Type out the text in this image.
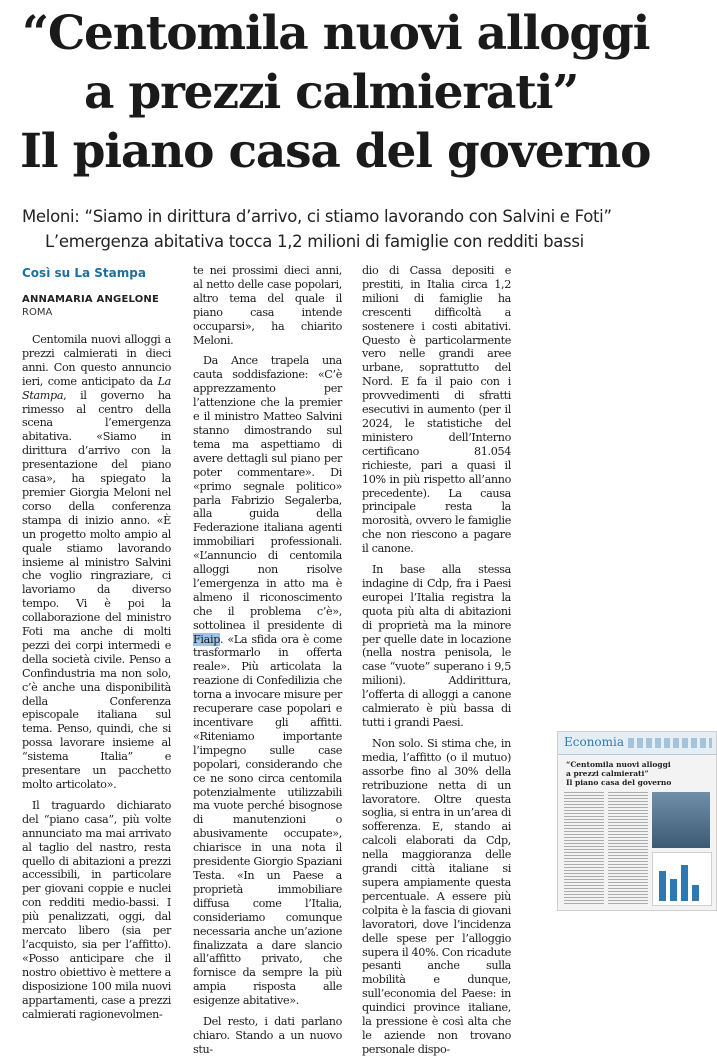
“Centomila nuovi alloggi
a prezzi calmierati”
Il piano casa del governo
Meloni: “Siamo in dirittura d’arrivo, ci stiamo lavorando con Salvini e Foti”
L’emergenza abitativa tocca 1,2 milioni di famiglie con redditi bassi
Così su La Stampa
ANNAMARIA ANGELONE
ROMA

Centomila nuovi alloggi a prezzi calmierati in dieci anni. Con questo annuncio ieri, come anticipato da La Stampa, il governo ha rimesso al centro della scena l’emergenza abitativa. «Siamo in dirittura d’arrivo con la presentazione del piano casa», ha spiegato la premier Giorgia Meloni nel corso della conferenza stampa di inizio anno. «È un progetto molto ampio al quale stiamo lavorando insieme al ministro Salvini che voglio ringraziare, ci lavoriamo da diverso tempo. Vi è poi la collaborazione del ministro Foti ma anche di molti pezzi dei corpi intermedi e della società civile. Penso a Confindustria ma non solo, c’è anche una disponibilità della Conferenza episcopale italiana sul tema. Penso, quindi, che si possa lavorare insieme al “sistema Italia” e presentare un pacchetto molto articolato».

Il traguardo dichiarato del “piano casa”, più volte annunciato ma mai arrivato al taglio del nastro, resta quello di abitazioni a prezzi accessibili, in particolare per giovani coppie e nuclei con redditi medio-bassi. I più penalizzati, oggi, dal mercato libero (sia per l’acquisto, sia per l’affitto). «Posso anticipare che il nostro obiettivo è mettere a disposizione 100 mila nuovi appartamenti, case a prezzi calmierati ragionevolmen-

te nei prossimi dieci anni, al netto delle case popolari, altro tema del quale il piano casa intende occuparsi», ha chiarito Meloni.

Da Ance trapela una cauta soddisfazione: «C’è apprezzamento per l’attenzione che la premier e il ministro Matteo Salvini stanno dimostrando sul tema ma aspettiamo di avere dettagli sul piano per poter commentare». Di «primo segnale politico» parla Fabrizio Segalerba, alla guida della Federazione italiana agenti immobiliari professionali. «L’annuncio di centomila alloggi non risolve l’emergenza in atto ma è almeno il riconoscimento che il problema c’è», sottolinea il presidente di Fiaip. «La sfida ora è come trasformarlo in offerta reale». Più articolata la reazione di Confedilizia che torna a invocare misure per recuperare case popolari e incentivare gli affitti. «Riteniamo importante l’impegno sulle case popolari, considerando che ce ne sono circa centomila potenzialmente utilizzabili ma vuote perché bisognose di manutenzioni o abusivamente occupate», chiarisce in una nota il presidente Giorgio Spaziani Testa. «In un Paese a proprietà immobiliare diffusa come l’Italia, consideriamo comunque necessaria anche un’azione finalizzata a dare slancio all’affitto privato, che fornisce da sempre la più ampia risposta alle esigenze abitative».

Del resto, i dati parlano chiaro. Stando a un nuovo stu-

dio di Cassa depositi e prestiti, in Italia circa 1,2 milioni di famiglie ha crescenti difficoltà a sostenere i costi abitativi. Questo è particolarmente vero nelle grandi aree urbane, soprattutto del Nord. E fa il paio con i provvedimenti di sfratti esecutivi in aumento (per il 2024, le statistiche del ministero dell’Interno certificano 81.054 richieste, pari a quasi il 10% in più rispetto all’anno precedente). La causa principale resta la morosità, ovvero le famiglie che non riescono a pagare il canone.

In base alla stessa indagine di Cdp, fra i Paesi europei l’Italia registra la quota più alta di abitazioni di proprietà ma la minore per quelle date in locazione (nella nostra penisola, le case “vuote” superano i 9,5 milioni). Addirittura, l’offerta di alloggi a canone calmierato è più bassa di tutti i grandi Paesi.

Non solo. Si stima che, in media, l’affitto (o il mutuo) assorbe fino al 30% della retribuzione netta di un lavoratore. Oltre questa soglia, si entra in un’area di sofferenza. E, stando ai calcoli elaborati da Cdp, nella maggioranza delle grandi città italiane si supera ampiamente questa percentuale. A essere più colpita è la fascia di giovani lavoratori, dove l’incidenza delle spese per l’alloggio supera il 40%. Con ricadute pesanti anche sulla mobilità e dunque, sull’economia del Paese: in quindici province italiane, la pressione è così alta che le aziende non trovano personale dispo-

Economia
“Centomila nuovi alloggi
a prezzi calmierati”
Il piano casa del governo
